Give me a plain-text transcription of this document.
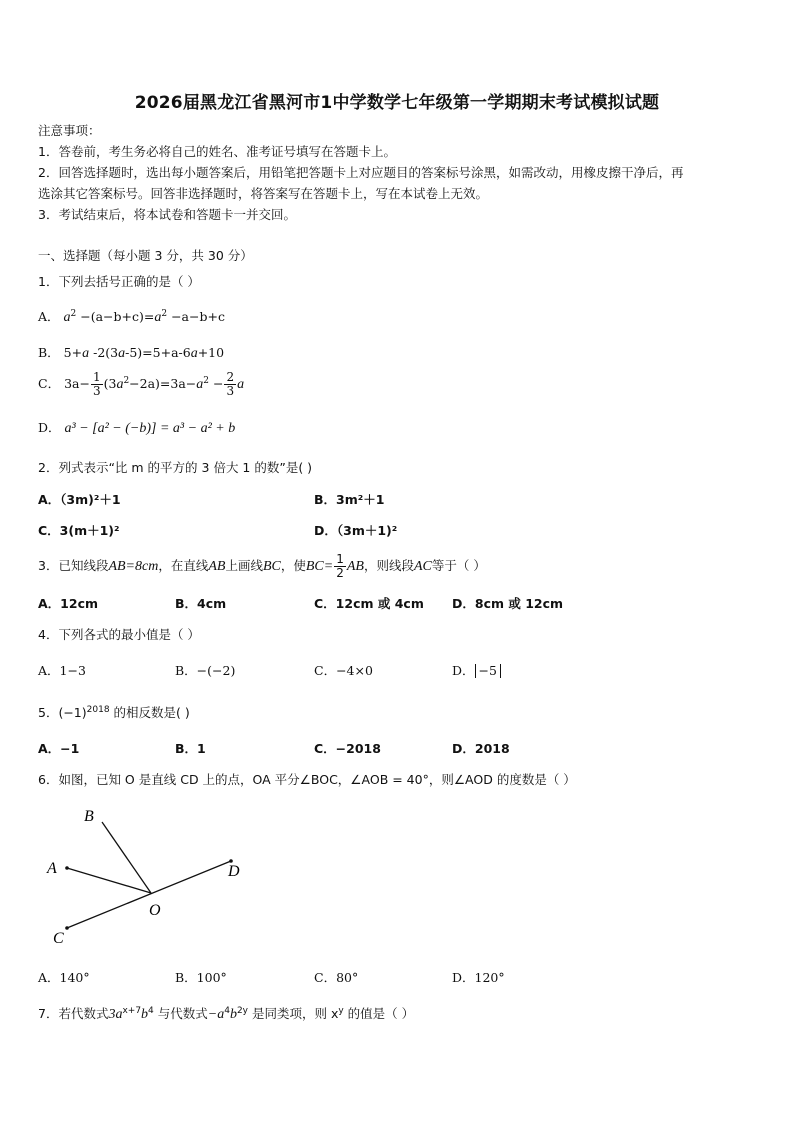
2026届黑龙江省黑河市1中学数学七年级第一学期期末考试模拟试题
注意事项：
1．答卷前，考生务必将自己的姓名、准考证号填写在答题卡上。
2．回答选择题时，选出每小题答案后，用铅笔把答题卡上对应题目的答案标号涂黑，如需改动，用橡皮擦干净后，再
选涂其它答案标号。回答非选择题时，将答案写在答题卡上，写在本试卷上无效。
3．考试结束后，将本试卷和答题卡一并交回。
一、选择题（每小题 3 分，共 30 分）
1．下列去括号正确的是（ ）
A． $a^2 -(a-b+c)=a^2 -a-b+c$
B． 5+a -2(3a-5)=5+a-6a+10
C． $3a- \frac{1}{3} (3a^2-2a)=3a-a^2 - \frac{2}{3}$ a
D． a³ − [a² − (−b)] = a³ − a² + b
2．列式表示“比 m 的平方的 3 倍大 1 的数”是( )
A．（3m)²＋1	B．3m²＋1
C．3(m＋1)²	D．（3m＋1)²
3．已知线段AB=8cm，在直线AB上画线BC，使$BC= \frac{1}{2}$ AB，则线段AC等于（ ）
A．12cm	B．4cm	C．12cm 或 4cm D．8cm 或 12cm
4．下列各式的最小值是（ ）
A．1−3	B．−(−2)	C．−4×0	D． −5
5．$(-1)^{2018}$ 的相反数是( )
A．−1	B．1	C．−2018	D．2018
6．如图，已知 O 是直线 CD 上的点，OA 平分∠BOC，∠AOB = 40°，则∠AOD 的度数是（ ）
B
A	D
O
C
A．140°	B．100°	C．80°	D．120°
7．若代数式$3a^{x+7}b^4$ 与代数式$-a^4b^{2y}$ 是同类项，则 $x^y$ 的值是（ ）
